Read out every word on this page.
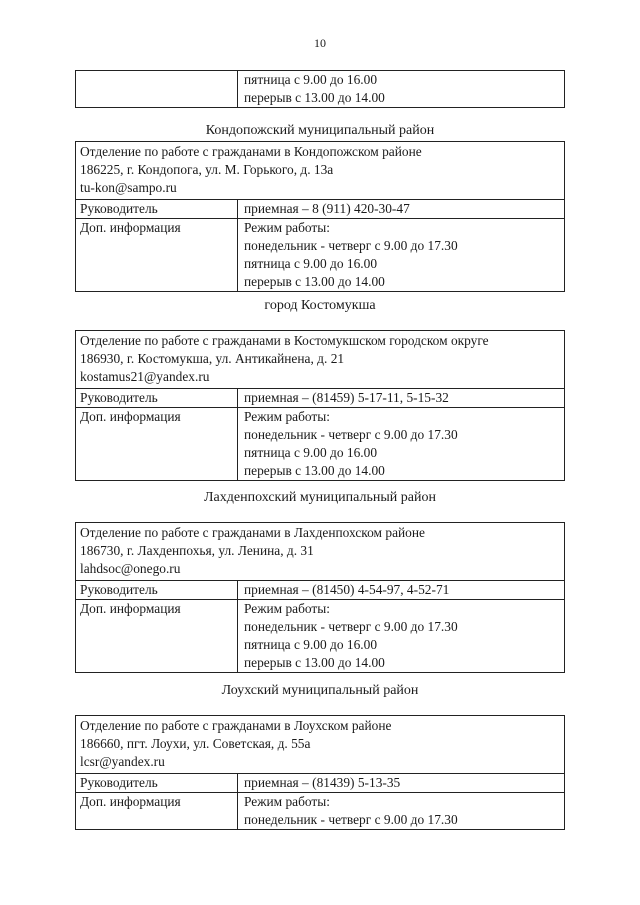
10

пятница с 9.00 до 16.00
перерыв с 13.00 до 14.00
Кондопожский муниципальный район
Отделение по работе с гражданами в Кондопожском районе
186225, г. Кондопога, ул. М. Горького, д. 13а
tu-kon@sampo.ru	

Руководитель	приемная – 8 (911) 420-30-47
Доп. информация	Режим работы:
понедельник - четверг с 9.00 до 17.30
пятница с 9.00 до 16.00
перерыв с 13.00 до 14.00
город Костомукша
Отделение по работе с гражданами в Костомукшском городском округе
186930, г. Костомукша, ул. Антикайнена, д. 21
kostamus21@yandex.ru	

Руководитель	приемная – (81459) 5-17-11, 5-15-32
Доп. информация	Режим работы:
понедельник - четверг с 9.00 до 17.30
пятница с 9.00 до 16.00
перерыв с 13.00 до 14.00
Лахденпохский муниципальный район
Отделение по работе с гражданами в Лахденпохском районе
186730, г. Лахденпохья, ул. Ленина, д. 31
lahdsoc@onego.ru	

Руководитель	приемная – (81450) 4-54-97, 4-52-71
Доп. информация	Режим работы:
понедельник - четверг с 9.00 до 17.30
пятница с 9.00 до 16.00
перерыв с 13.00 до 14.00
Лоухский муниципальный район
Отделение по работе с гражданами в Лоухском районе
186660, пгт. Лоухи, ул. Советская, д. 55а
lcsr@yandex.ru	

Руководитель	приемная – (81439) 5-13-35
Доп. информация	Режим работы:
понедельник - четверг с 9.00 до 17.30
